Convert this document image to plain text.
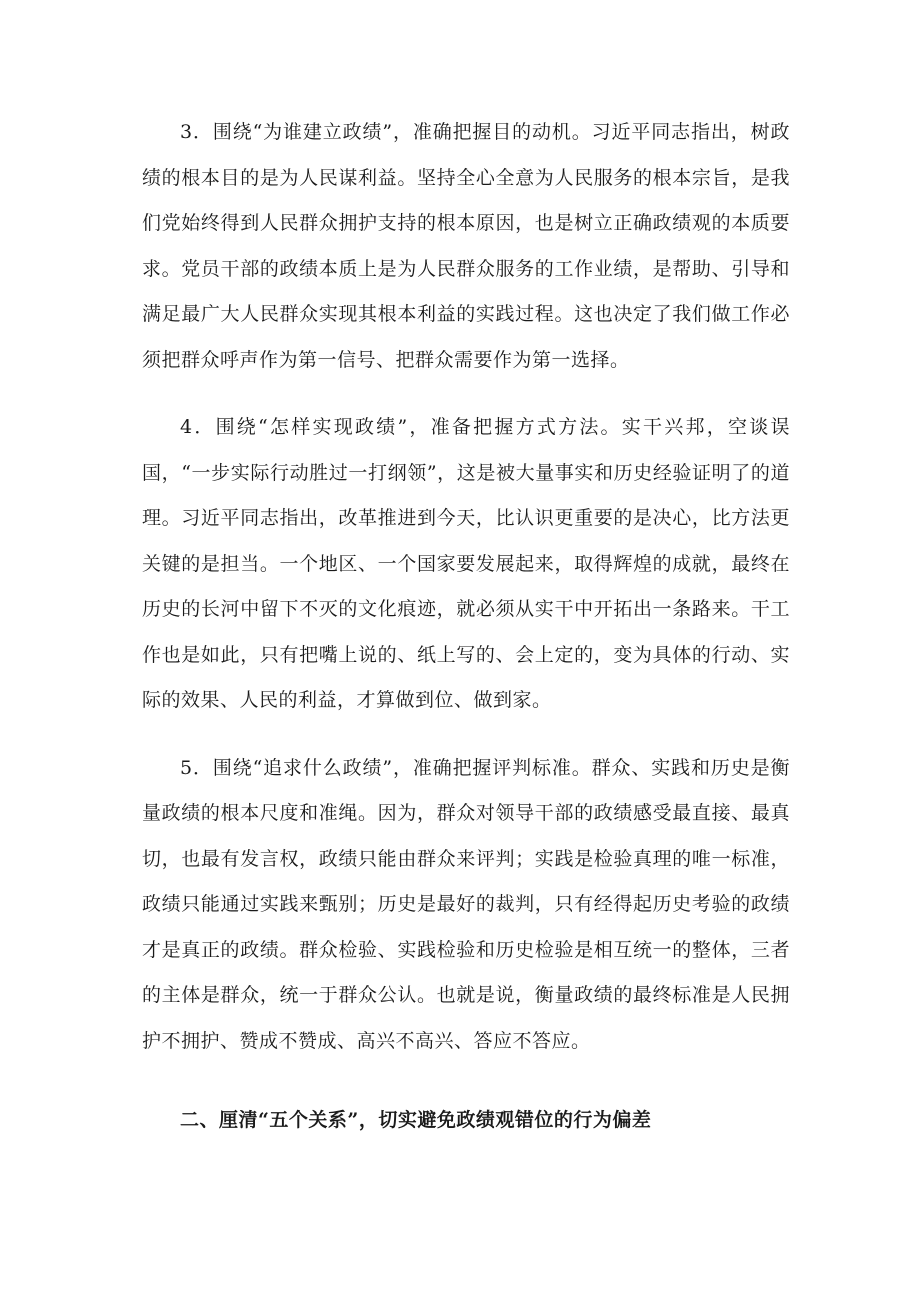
3．围绕“为谁建立政绩”，准确把握目的动机。习近平同志指出，树政绩的根本目的是为人民谋利益。坚持全心全意为人民服务的根本宗旨，是我们党始终得到人民群众拥护支持的根本原因，也是树立正确政绩观的本质要求。党员干部的政绩本质上是为人民群众服务的工作业绩，是帮助、引导和满足最广大人民群众实现其根本利益的实践过程。这也决定了我们做工作必须把群众呼声作为第一信号、把群众需要作为第一选择。

4．围绕“怎样实现政绩”，准备把握方式方法。实干兴邦，空谈误国，“一步实际行动胜过一打纲领”，这是被大量事实和历史经验证明了的道理。习近平同志指出，改革推进到今天，比认识更重要的是决心，比方法更关键的是担当。一个地区、一个国家要发展起来，取得辉煌的成就，最终在历史的长河中留下不灭的文化痕迹，就必须从实干中开拓出一条路来。干工作也是如此，只有把嘴上说的、纸上写的、会上定的，变为具体的行动、实际的效果、人民的利益，才算做到位、做到家。

5．围绕“追求什么政绩”，准确把握评判标准。群众、实践和历史是衡量政绩的根本尺度和准绳。因为，群众对领导干部的政绩感受最直接、最真切，也最有发言权，政绩只能由群众来评判；实践是检验真理的唯一标准，政绩只能通过实践来甄别；历史是最好的裁判，只有经得起历史考验的政绩才是真正的政绩。群众检验、实践检验和历史检验是相互统一的整体，三者的主体是群众，统一于群众公认。也就是说，衡量政绩的最终标准是人民拥护不拥护、赞成不赞成、高兴不高兴、答应不答应。

二、厘清“五个关系”，切实避免政绩观错位的行为偏差
